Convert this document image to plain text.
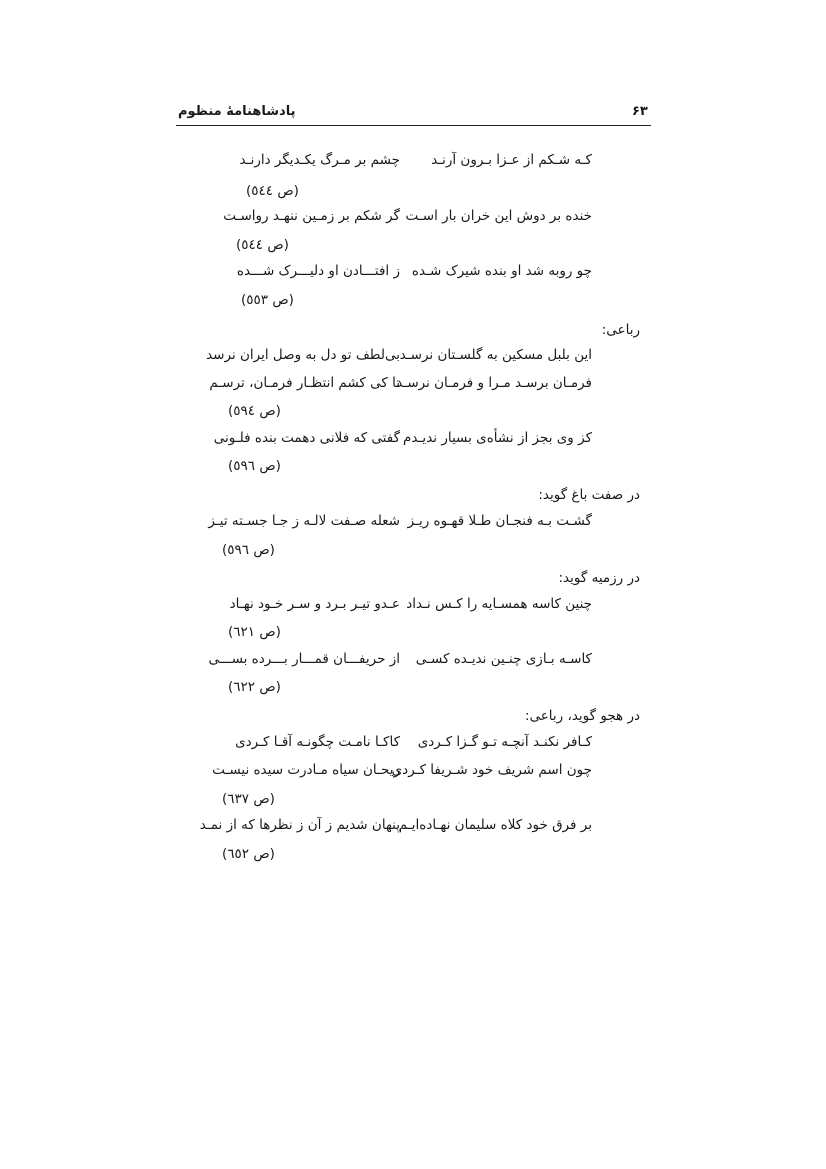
پادشاهنامهٔ منظوم	۶۳
چشم بر مـرگ یکـدیگر دارنـد	کـه شـکم از عـزا بـرون آرنـد
(ص ٥٤٤)
گر شکم بر زمـین ننهـد رواسـت خنده بر دوش این خران بار اسـت
(ص ٥٤٤)
ز افتـــادن او دلیـــرک شـــده چو روبه شد او بنده شیرک شـده
(ص ٥٥٣)
رباعی:
بی‌لطف تو دل به وصل ایران نرسد این بلبل مسکین به گلسـتان نرسـد
تا کی کشم انتظـار فرمـان، ترسـم
فرمـان برسـد مـرا و فرمـان نرسـد
(ص ٥٩٤)
گفتی که فلانی دهمت بنده فلـونی کز وی بجز از نشأه‌ی بسیار ندیـدم
(ص ٥٩٦)
در صفت باغ گوید:
شعله صـفت لالـه ز جـا جسـته تیـز گشـت بـه فنجـان طـلا قهـوه ریـز
(ص ٥٩٦)
در رزمیه گوید:
عـدو تیـر بـرد و سـر خـود نهـاد چنین کاسه همسـایه را کـس نـداد
(ص ٦٢١)
از حریفـــان قمـــار بـــرده بســـی	کاسـه بـازی چنـین ندیـده کسـی
(ص ٦٢٢)
در هجو گوید، رباعی:
کاکـا نامـت چگونـه آقـا کـردی	کـافر نکنـد آنچـه تـو گـزا کـردی
ریحـان سیاه مـادرت سیده نیسـت
چون اسم شریف خود شـریفا کـردی
(ص ٦٣٧)
پنهان شدیم ز آن ز نظرها که از نمـد
بر فرق خود کلاه سلیمان نهـاده‌ایـم
(ص ٦٥٢)
